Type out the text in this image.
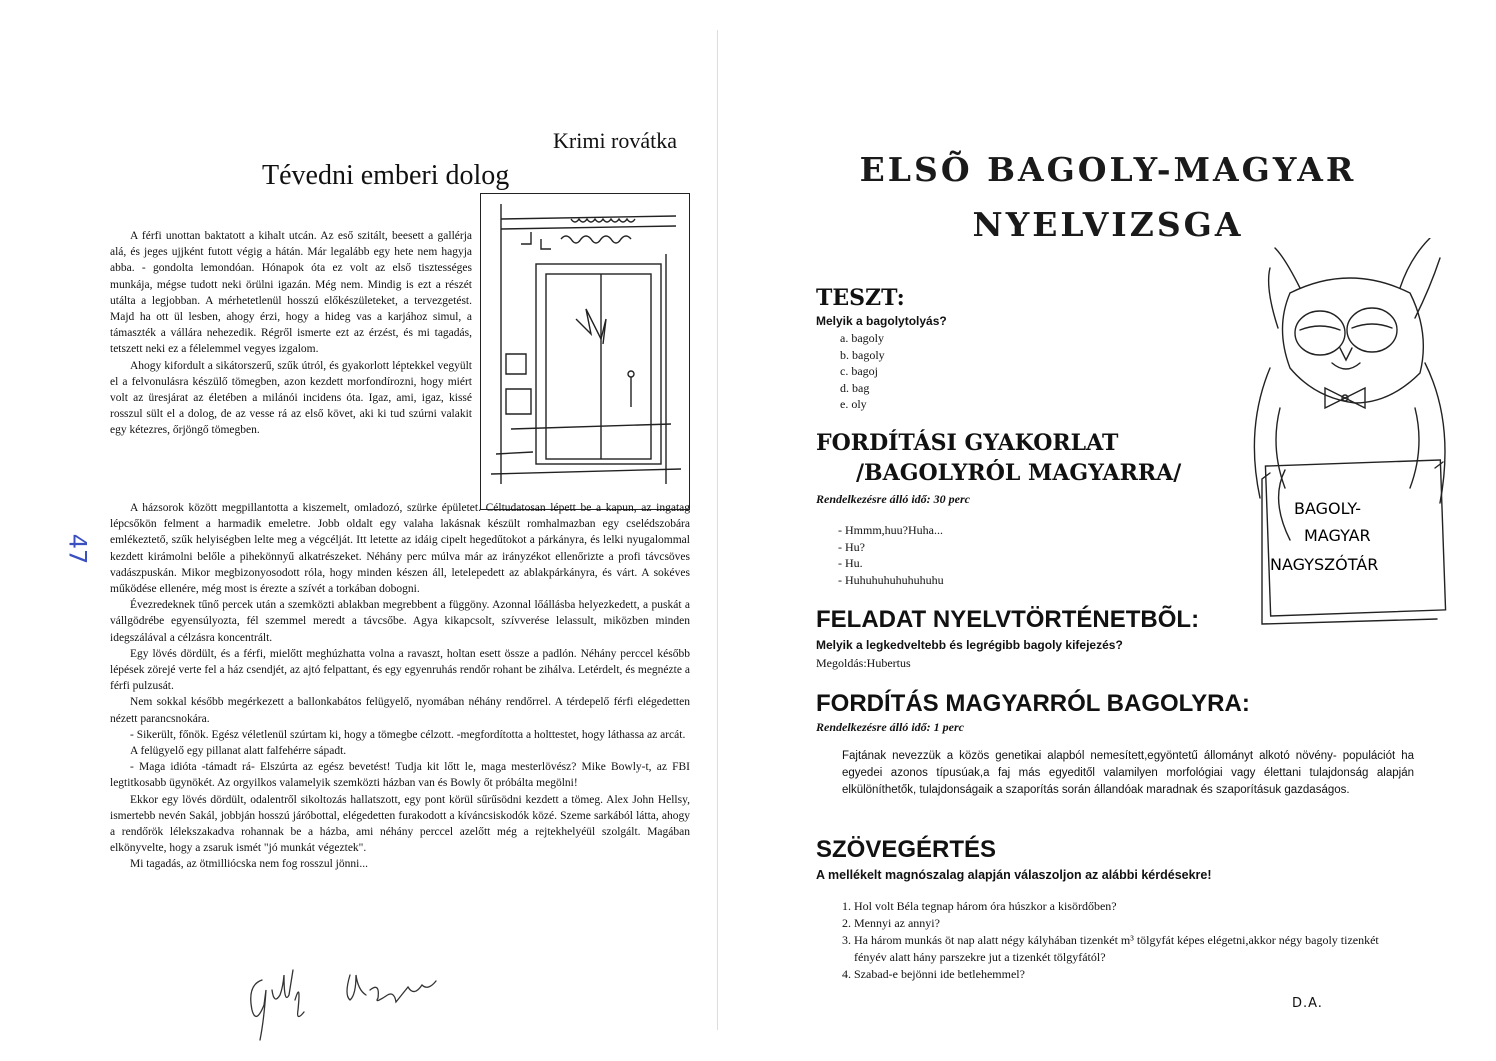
47
Krimi rovátka
Tévedni emberi dolog

A férfi unottan baktatott a kihalt utcán. Az eső szitált, beesett a gallérja alá, és jeges ujjként futott végig a hátán. Már legalább egy hete nem hagyja abba. - gondolta lemondóan. Hónapok óta ez volt az első tisztességes munkája, mégse tudott neki örülni igazán. Még nem. Mindig is ezt a részét utálta a legjobban. A mérhetetlenül hosszú előkészületeket, a tervezgetést. Majd ha ott ül lesben, ahogy érzi, hogy a hideg vas a karjához simul, a támaszték a vállára nehezedik. Régről ismerte ezt az érzést, és mi tagadás, tetszett neki ez a félelemmel vegyes izgalom.

Ahogy kifordult a sikátorszerű, szűk útról, és gyakorlott léptekkel vegyült el a felvonulásra készülő tömegben, azon kezdett morfondírozni, hogy miért volt az üresjárat az életében a milánói incidens óta. Igaz, ami, igaz, kissé rosszul sült el a dolog, de az vesse rá az első követ, aki ki tud szúrni valakit egy kétezres, őrjöngő tömegben.

A házsorok között megpillantotta a kiszemelt, omladozó, szürke épületet. Céltudatosan lépett be a kapun, az ingatag lépcsőkön felment a harmadik emeletre. Jobb oldalt egy valaha lakásnak készült romhalmazban egy cselédszobára emlékeztető, szűk helyiségben lelte meg a végcélját. Itt letette az idáig cipelt hegedűtokot a párkányra, és lelki nyugalommal kezdett kirámolni belőle a pihekönnyű alkatrészeket. Néhány perc múlva már az irányzékot ellenőrizte a profi távcsöves vadászpuskán. Mikor megbizonyosodott róla, hogy minden készen áll, letelepedett az ablakpárkányra, és várt. A sokéves működése ellenére, még most is érezte a szívét a torkában dobogni.

Évezredeknek tűnő percek után a szemközti ablakban megrebbent a függöny. Azonnal lőállásba helyezkedett, a puskát a vállgödrébe egyensúlyozta, fél szemmel meredt a távcsőbe. Agya kikapcsolt, szívverése lelassult, miközben minden idegszálával a célzásra koncentrált.

Egy lövés dördült, és a férfi, mielőtt meghúzhatta volna a ravaszt, holtan esett össze a padlón. Néhány perccel később lépések zörejé verte fel a ház csendjét, az ajtó felpattant, és egy egyenruhás rendőr rohant be zihálva. Letérdelt, és megnézte a férfi pulzusát.

Nem sokkal később megérkezett a ballonkabátos felügyelő, nyomában néhány rendőrrel. A térdepelő férfi elégedetten nézett parancsnokára.

- Sikerült, főnök. Egész véletlenül szúrtam ki, hogy a tömegbe célzott. -megfordította a holttestet, hogy láthassa az arcát.

A felügyelő egy pillanat alatt falfehérre sápadt.

- Maga idióta -támadt rá- Elszúrta az egész bevetést! Tudja kit lőtt le, maga mesterlövész? Mike Bowly-t, az FBI legtitkosabb ügynökét. Az orgyilkos valamelyik szemközti házban van és Bowly őt próbálta megölni!

Ekkor egy lövés dördült, odalentről sikoltozás hallatszott, egy pont körül sűrűsödni kezdett a tömeg. Alex John Hellsy, ismertebb nevén Sakál, jobbján hosszú járóbottal, elégedetten furakodott a kíváncsiskodók közé. Szeme sarkából látta, ahogy a rendőrök lélekszakadva rohannak be a házba, ami néhány perccel azelőtt még a rejtekhelyéül szolgált. Magában elkönyvelte, hogy a zsaruk ismét "jó munkát végeztek".

Mi tagadás, az ötmilliócska nem fog rosszul jönni...

ELSÕ BAGOLY-MAGYAR
NYELVIZSGA
TESZT:
Melyik a bagolytolyás?
a. bagoly
b. bagoly
c. bagoj
d. bag
e. oly
FORDÍTÁSI GYAKORLAT
/BAGOLYRÓL MAGYARRA/
Rendelkezésre álló idő: 30 perc
- Hmmm,huu?Huha...
- Hu?
- Hu.
- Huhuhuhuhuhuhuhu
FELADAT NYELVTÖRTÉNETBÕL:
Melyik a legkedveltebb és legrégibb bagoly kifejezés?
Megoldás:Hubertus
FORDÍTÁS MAGYARRÓL BAGOLYRA:
Rendelkezésre álló idő: 1 perc
Fajtának nevezzük a közös genetikai alapból nemesített,egyöntetű állományt alkotó növény- populációt ha egyedei azonos típusúak,a faj más egyeditől valamilyen morfológiai vagy élettani tulajdonság alapján elkülöníthetők, tulajdonságaik a szaporítás során állandóak maradnak és szaporításuk gazdaságos.
SZÖVEGÉRTÉS
A mellékelt magnószalag alapján válaszoljon az alábbi kérdésekre!
1. Hol volt Béla tegnap három óra húszkor a kisördőben?
2. Mennyi az annyi?
3. Ha három munkás öt nap alatt négy kályhában tizenkét m³ tölgyfát képes elégetni,akkor négy bagoly tizenkét fényév alatt hány parszekre jut a tizenkét tölgyfától?
4. Szabad-e bejönni ide betlehemmel?
D.A.
BAGOLY-
MAGYAR
NAGYSZÓTÁR
